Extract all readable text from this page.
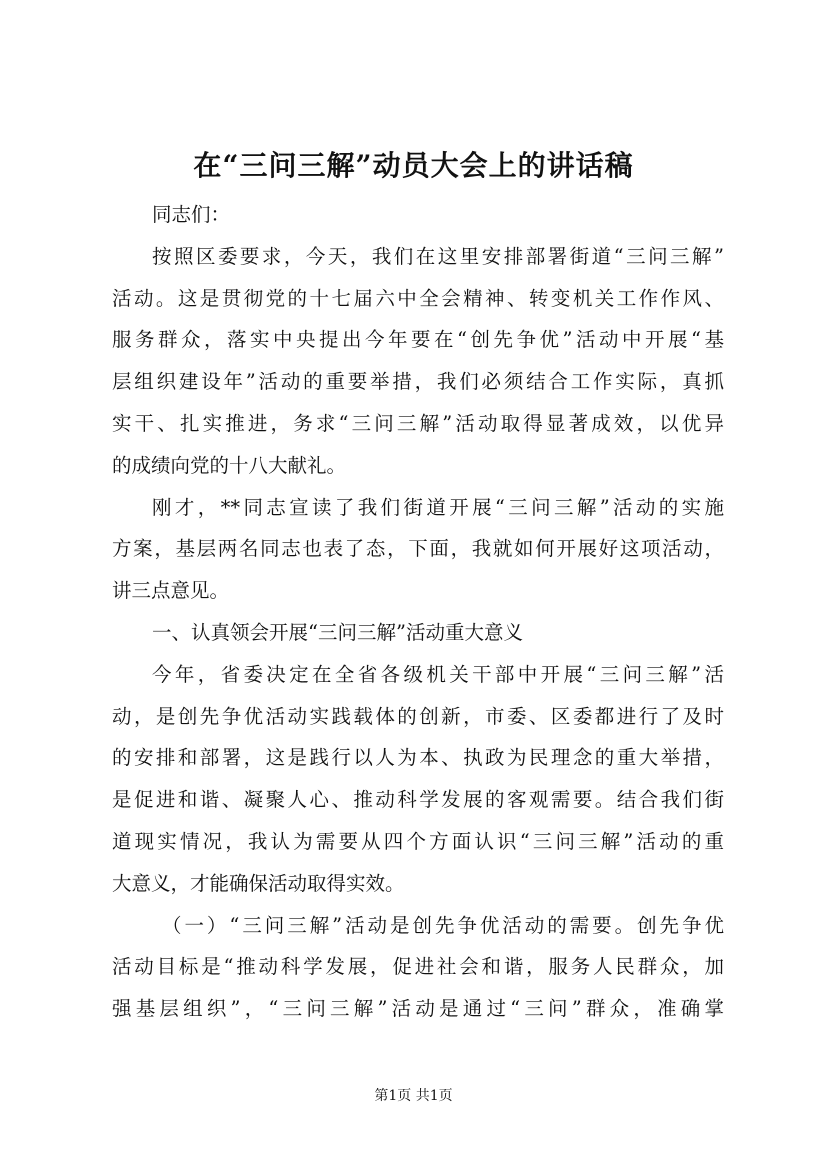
在“三问三解”动员大会上的讲话稿
同志们：
按照区委要求，今天，我们在这里安排部署街道“三问三解”
活动。这是贯彻党的十七届六中全会精神、转变机关工作作风、
服务群众，落实中央提出今年要在“创先争优”活动中开展“基
层组织建设年”活动的重要举措，我们必须结合工作实际，真抓
实干、扎实推进，务求“三问三解”活动取得显著成效，以优异
的成绩向党的十八大献礼。
刚才，**同志宣读了我们街道开展“三问三解”活动的实施
方案，基层两名同志也表了态，下面，我就如何开展好这项活动，
讲三点意见。
一、认真领会开展“三问三解”活动重大意义
今年，省委决定在全省各级机关干部中开展“三问三解”活
动，是创先争优活动实践载体的创新，市委、区委都进行了及时
的安排和部署，这是践行以人为本、执政为民理念的重大举措，
是促进和谐、凝聚人心、推动科学发展的客观需要。结合我们街
道现实情况，我认为需要从四个方面认识“三问三解”活动的重
大意义，才能确保活动取得实效。
（一）“三问三解”活动是创先争优活动的需要。创先争优
活动目标是“推动科学发展，促进社会和谐，服务人民群众，加
强基层组织”，“三问三解”活动是通过“三问”群众，准确掌
第1页 共1页
